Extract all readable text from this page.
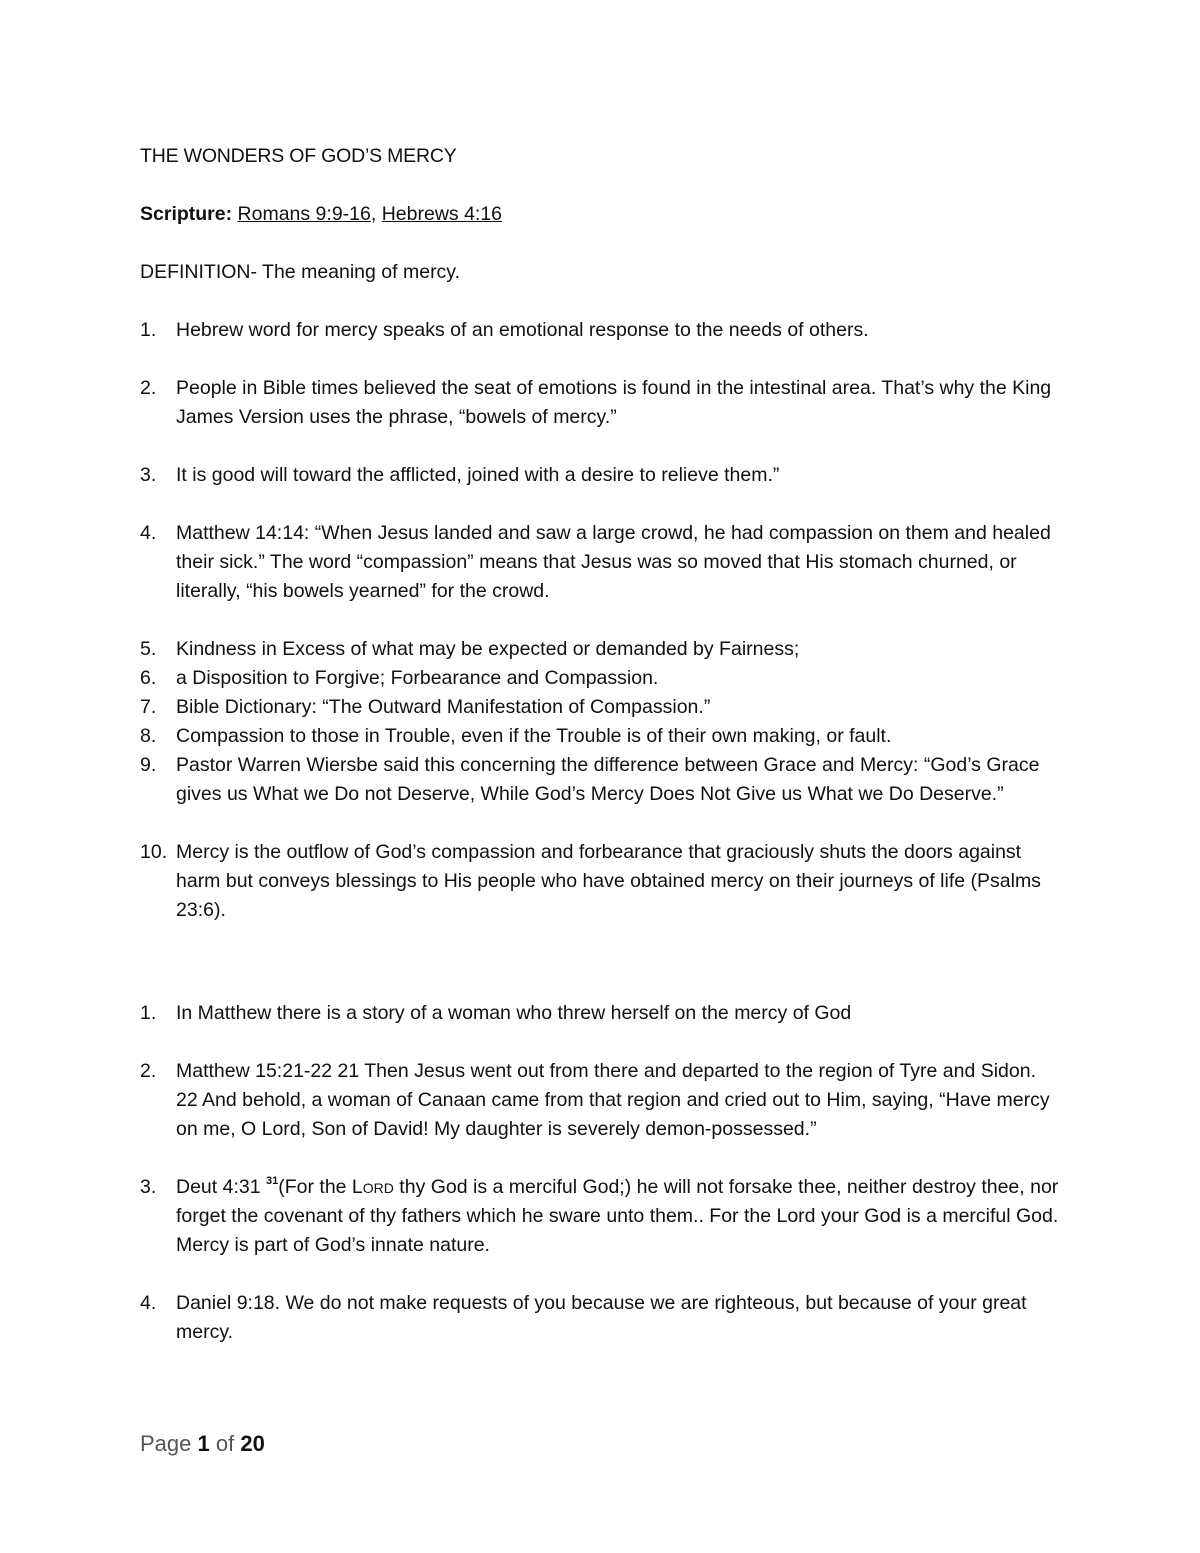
THE WONDERS OF GOD’S MERCY

Scripture: Romans 9:9-16, Hebrews 4:16

DEFINITION- The meaning of mercy.

1. Hebrew word for mercy speaks of an emotional response to the needs of others.
2. People in Bible times believed the seat of emotions is found in the intestinal area. That’s why the King James Version uses the phrase, “bowels of mercy.”
3. It is good will toward the afflicted, joined with a desire to relieve them.”
4. Matthew 14:14: “When Jesus landed and saw a large crowd, he had compassion on them and healed their sick.” The word “compassion” means that Jesus was so moved that His stomach churned, or literally, “his bowels yearned” for the crowd.
5. Kindness in Excess of what may be expected or demanded by Fairness;
6. a Disposition to Forgive; Forbearance and Compassion.
7. Bible Dictionary: “The Outward Manifestation of Compassion.”
8. Compassion to those in Trouble, even if the Trouble is of their own making, or fault.
9. Pastor Warren Wiersbe said this concerning the difference between Grace and Mercy: “God’s Grace gives us What we Do not Deserve, While God’s Mercy Does Not Give us What we Do Deserve.”
10. Mercy is the outflow of God’s compassion and forbearance that graciously shuts the doors against harm but conveys blessings to His people who have obtained mercy on their journeys of life (Psalms 23:6).
1. In Matthew there is a story of a woman who threw herself on the mercy of God
2. Matthew 15:21-22 21 Then Jesus went out from there and departed to the region of Tyre and Sidon. 22 And behold, a woman of Canaan came from that region and cried out to Him, saying, “Have mercy on me, O Lord, Son of David! My daughter is severely demon-possessed.”
3. Deut 4:31 $^{31}$(For the Lord thy God is a merciful God;) he will not forsake thee, neither destroy thee, nor forget the covenant of thy fathers which he sware unto them.. For the Lord your God is a merciful God. Mercy is part of God’s innate nature.
4. Daniel 9:18. We do not make requests of you because we are righteous, but because of your great mercy.
Page 1 of 20
